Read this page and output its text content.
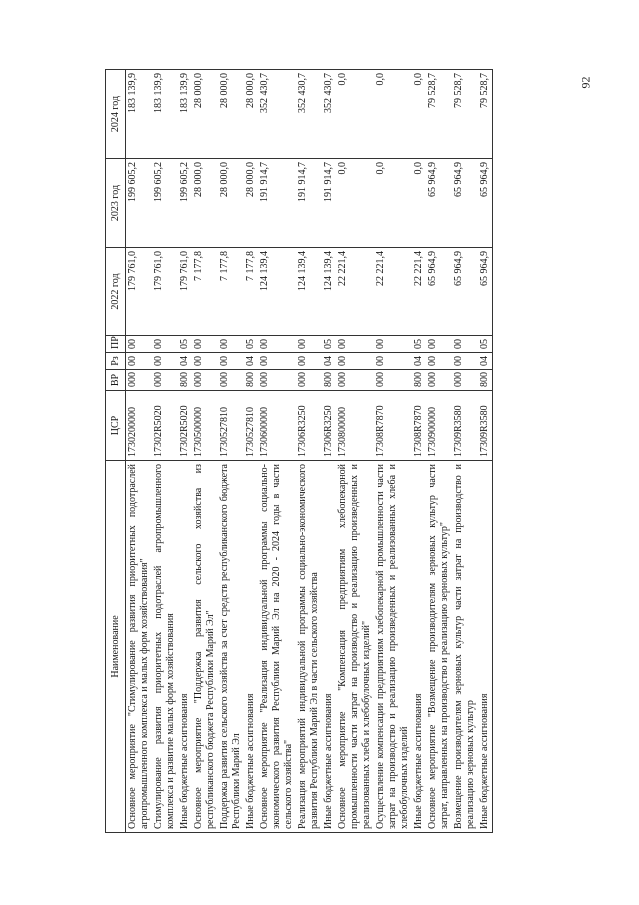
92
Наименование	ЦСР	ВР	Рз	ПР	2022 год	2023 год	2024 год
Основное мероприятие "Стимулирование развития приоритетных подотраслей агропромышленного комплекса и малых форм хозяйствования"	1730200000	000	00	00	179 761,0	199 605,2	183 139,9
Стимулирование развития приоритетных подотраслей агропромышленного комплекса и развитие малых форм хозяйствования	17302R5020	000	00	00	179 761,0	199 605,2	183 139,9
Иные бюджетные ассигнования	17302R5020	800	04	05	179 761,0	199 605,2	183 139,9
Основное мероприятие "Поддержка развития сельского хозяйства из республиканского бюджета Республики Марий Эл"	1730500000	000	00	00	7 177,8	28 000,0	28 000,0
Поддержка развития сельского хозяйства за счет средств республиканского бюджета Республики Марий Эл	1730527810	000	00	00	7 177,8	28 000,0	28 000,0
Иные бюджетные ассигнования	1730527810	800	04	05	7 177,8	28 000,0	28 000,0
Основное мероприятие "Реализация индивидуальной программы социально-экономического развития Республики Марий Эл на 2020 - 2024 годы в части сельского хозяйства"	1730600000	000	00	00	124 139,4	191 914,7	352 430,7
Реализация мероприятий индивидуальной программы социально-экономического развития Республики Марий Эл в части сельского хозяйства	17306R3250	000	00	00	124 139,4	191 914,7	352 430,7
Иные бюджетные ассигнования	17306R3250	800	04	05	124 139,4	191 914,7	352 430,7
Основное мероприятие "Компенсация предприятиям хлебопекарной промышленности части затрат на производство и реализацию произведенных и реализованных хлеба и хлебобулочных изделий"	1730800000	000	00	00	22 221,4	0,0	0,0
Осуществление компенсации предприятиям хлебопекарной промышленности части затрат на производство и реализацию произведенных и реализованных хлеба и хлебобулочных изделий	17308R7870	000	00	00	22 221,4	0,0	0,0
Иные бюджетные ассигнования	17308R7870	800	04	05	22 221,4	0,0	0,0
Основное мероприятие "Возмещение производителям зерновых культур части затрат, направленных на производство и реализацию зерновых культур"	1730900000	000	00	00	65 964,9	65 964,9	79 528,7
Возмещение производителям зерновых культур части затрат на производство и реализацию зерновых культур	17309R3580	000	00	00	65 964,9	65 964,9	79 528,7
Иные бюджетные ассигнования	17309R3580	800	04	05	65 964,9	65 964,9	79 528,7
